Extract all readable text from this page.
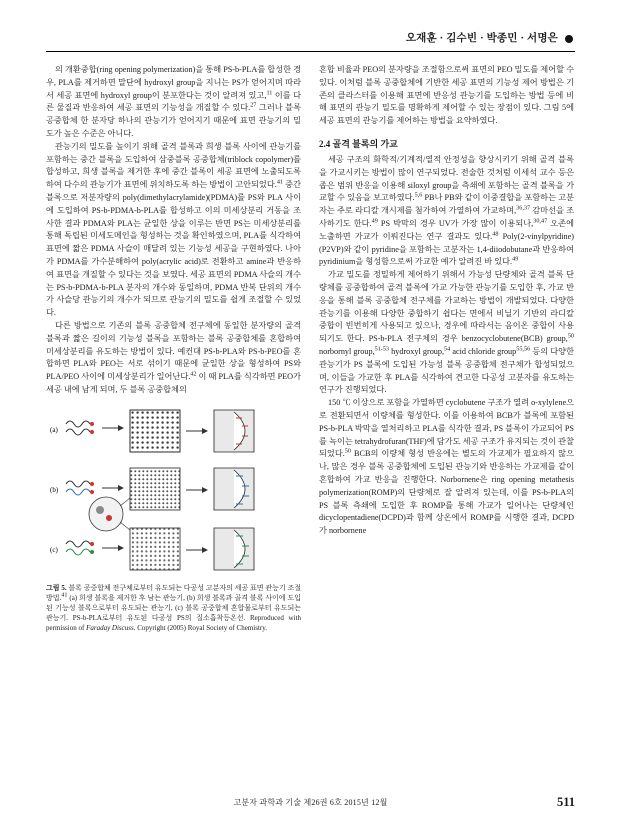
오재훈 · 김수빈 · 박종민 · 서명은

의 개환중합(ring opening polymerization)을 통해 PS-b-PLA를 합성한 경우, PLA를 제거하면 말단에 hydroxyl group을 지니는 PS가 얻어지며 따라서 세공 표면에 hydroxyl group이 분포한다는 것이 알려져 있고,$^{11}$ 이를 다른 물질과 반응하여 세공 표면의 기능성을 개질할 수 있다.$^{27}$ 그러나 블록 공중합체 한 분자당 하나의 관능기가 얻어지기 때문에 표면 관능기의 밀도가 높은 수준은 아니다.

관능기의 밀도를 높이기 위해 골격 블록과 희생 블록 사이에 관능기를 포함하는 중간 블록을 도입하여 삼중블록 공중합체(triblock copolymer)를 합성하고, 희생 블록을 제거한 후에 중간 블록이 세공 표면에 노출되도록 하여 다수의 관능기가 표면에 위치하도록 하는 방법이 고안되었다.$^{41}$ 중간 블록으로 저분자량의 poly(dimethylacrylamide)(PDMA)를 PS와 PLA 사이에 도입하여 PS-b-PDMA-b-PLA를 합성하고 이의 미세상분리 거동을 조사한 결과 PDMA와 PLA는 균일한 상을 이루는 반면 PS는 미세상분리를 통해 독립된 미세도메인을 형성하는 것을 확인하였으며, PLA를 식각하여 표면에 짧은 PDMA 사슬이 매달려 있는 기능성 세공을 구현하였다. 나아가 PDMA를 가수분해하여 poly(acrylic acid)로 전환하고 amine과 반응하여 표면을 개질할 수 있다는 것을 보였다. 세공 표면의 PDMA 사슬의 개수는 PS-b-PDMA-b-PLA 분자의 개수와 동일하며, PDMA 반복 단위의 개수가 사슬당 관능기의 개수가 되므로 관능기의 밀도를 쉽게 조절할 수 있었다.

다른 방법으로 기존의 블록 공중합체 전구체에 동일한 분자량의 골격 블록과 짧은 길이의 기능성 블록을 포함하는 블록 공중합체를 혼합하여 미세상분리를 유도하는 방법이 있다. 예컨대 PS-b-PLA와 PS-b-PEO를 혼합하면 PLA와 PEO는 서로 섞이기 때문에 균일한 상을 형성하여 PS와 PLA/PEO 사이에 미세상분리가 일어난다.$^{42}$ 이 때 PLA를 식각하면 PEO가 세공 내에 남게 되며, 두 블록 공중합체의

(a)
(b)
(c)
그림 5. 블록 공중합체 전구체로부터 유도되는 다공성 고분자의 세공 표면 관능기 조절 방법.$^{41}$ (a) 희생 블록을 제거한 후 남는 관능기, (b) 희생 블록과 골격 블록 사이에 도입된 기능성 블록으로부터 유도되는 관능기, (c) 블록 공중합체 혼합물로부터 유도되는 관능기. PS-b-PLA로부터 유도된 다공성 PS의 질소흡착등온선. Reproduced with permission of Faraday Discuss. Copyright (2005) Royal Society of Chemistry.

혼합 비율과 PEO의 분자량을 조절함으로써 표면의 PEO 밀도를 제어할 수 있다. 이처럼 블록 공중합체에 기반한 세공 표면의 기능성 제어 방법은 기존의 클라스터를 이용해 표면에 반응성 관능기를 도입하는 방법 등에 비해 표면의 관능기 밀도를 명확하게 제어할 수 있는 장점이 있다. 그림 5에 세공 표면의 관능기를 제어하는 방법을 요약하였다.

2.4 골격 블록의 가교

세공 구조의 화학적/기계적/열적 안정성을 향상시키기 위해 골격 블록을 가교시키는 방법이 많이 연구되었다. 전술한 것처럼 이세석 교수 등은 좁은 범위 반응을 이용해 siloxyl group을 측쇄에 포함하는 골격 블록을 가교할 수 있음을 보고하였다.$^{5,6}$ PB나 PB와 같이 이중결합을 포함하는 고분자는 주로 라디칼 개시제를 첨가하여 가열하여 가교하며,$^{36,37}$ 감마선을 조사하기도 한다.$^{49}$ PS 박막의 경우 UV가 가장 많이 이용되나,$^{30,47}$ 오존에 노출하면 가교가 이뤄진다는 연구 결과도 있다.$^{48}$ Poly(2-vinylpyridine)(P2VP)와 같이 pyridine을 포함하는 고분자는 1,4-diiodobutane과 반응하여 pyridinium을 형성함으로써 가교한 예가 알려진 바 있다.$^{49}$

가교 밀도를 정밀하게 제어하기 위해서 가능성 단량체와 골격 블록 단량체를 공중합하여 골격 블록에 가교 가능한 관능기를 도입한 후, 가교 반응을 통해 블록 공중합체 전구체를 가교하는 방법이 개발되었다. 다양한 관능기를 이용해 다양한 중합하기 쉽다는 면에서 비닐기 기반의 라디칼 중합이 빈번히게 사용되고 있으나, 경우에 따라서는 음이온 중합이 사용되기도 한다. PS-b-PLA 전구체의 경우 benzocyclobutene(BCB) group,$^{50}$ norbornyl group,$^{51-53}$ hydroxyl group,$^{54}$ acid chloride group$^{55,56}$ 등의 다양한 관능기가 PS 블록에 도입된 가능성 블록 공중합체 전구체가 합성되었으며, 이들을 가교한 후 PLA를 식각하여 견고한 다공성 고분자를 유도하는 연구가 진행되었다.

150 ℃ 이상으로 포함을 가열하면 cyclobutene 구조가 열려 o-xylylene으로 전환되면서 이량체를 형성한다. 이를 이용하여 BCB가 블록에 포함된 PS-b-PLA 박막을 열처리하고 PLA를 식각한 결과, PS 블록이 가교되어 PS를 녹이는 tetrahydrofuran(THF)에 담가도 세공 구조가 유지되는 것이 관찰되었다.$^{50}$ BCB의 이량체 형성 반응에는 별도의 가교제가 필요하지 않으나, 많은 경우 블록 공중합체에 도입된 관능기와 반응하는 가교제를 같이 혼합하여 가교 반응을 진행한다. Norbornene은 ring opening metathesis polymerization(ROMP)의 단량체로 잘 알려져 있는데, 이를 PS-b-PLA의 PS 블록 측쇄에 도입한 후 ROMP를 통해 가교가 일어나는 단량체인 dicyclopentadiene(DCPD)과 함께 상온에서 ROMP를 시행한 결과, DCPD가 norbornene

고분자 과학과 기술 제26권 6호 2015년 12월	511
